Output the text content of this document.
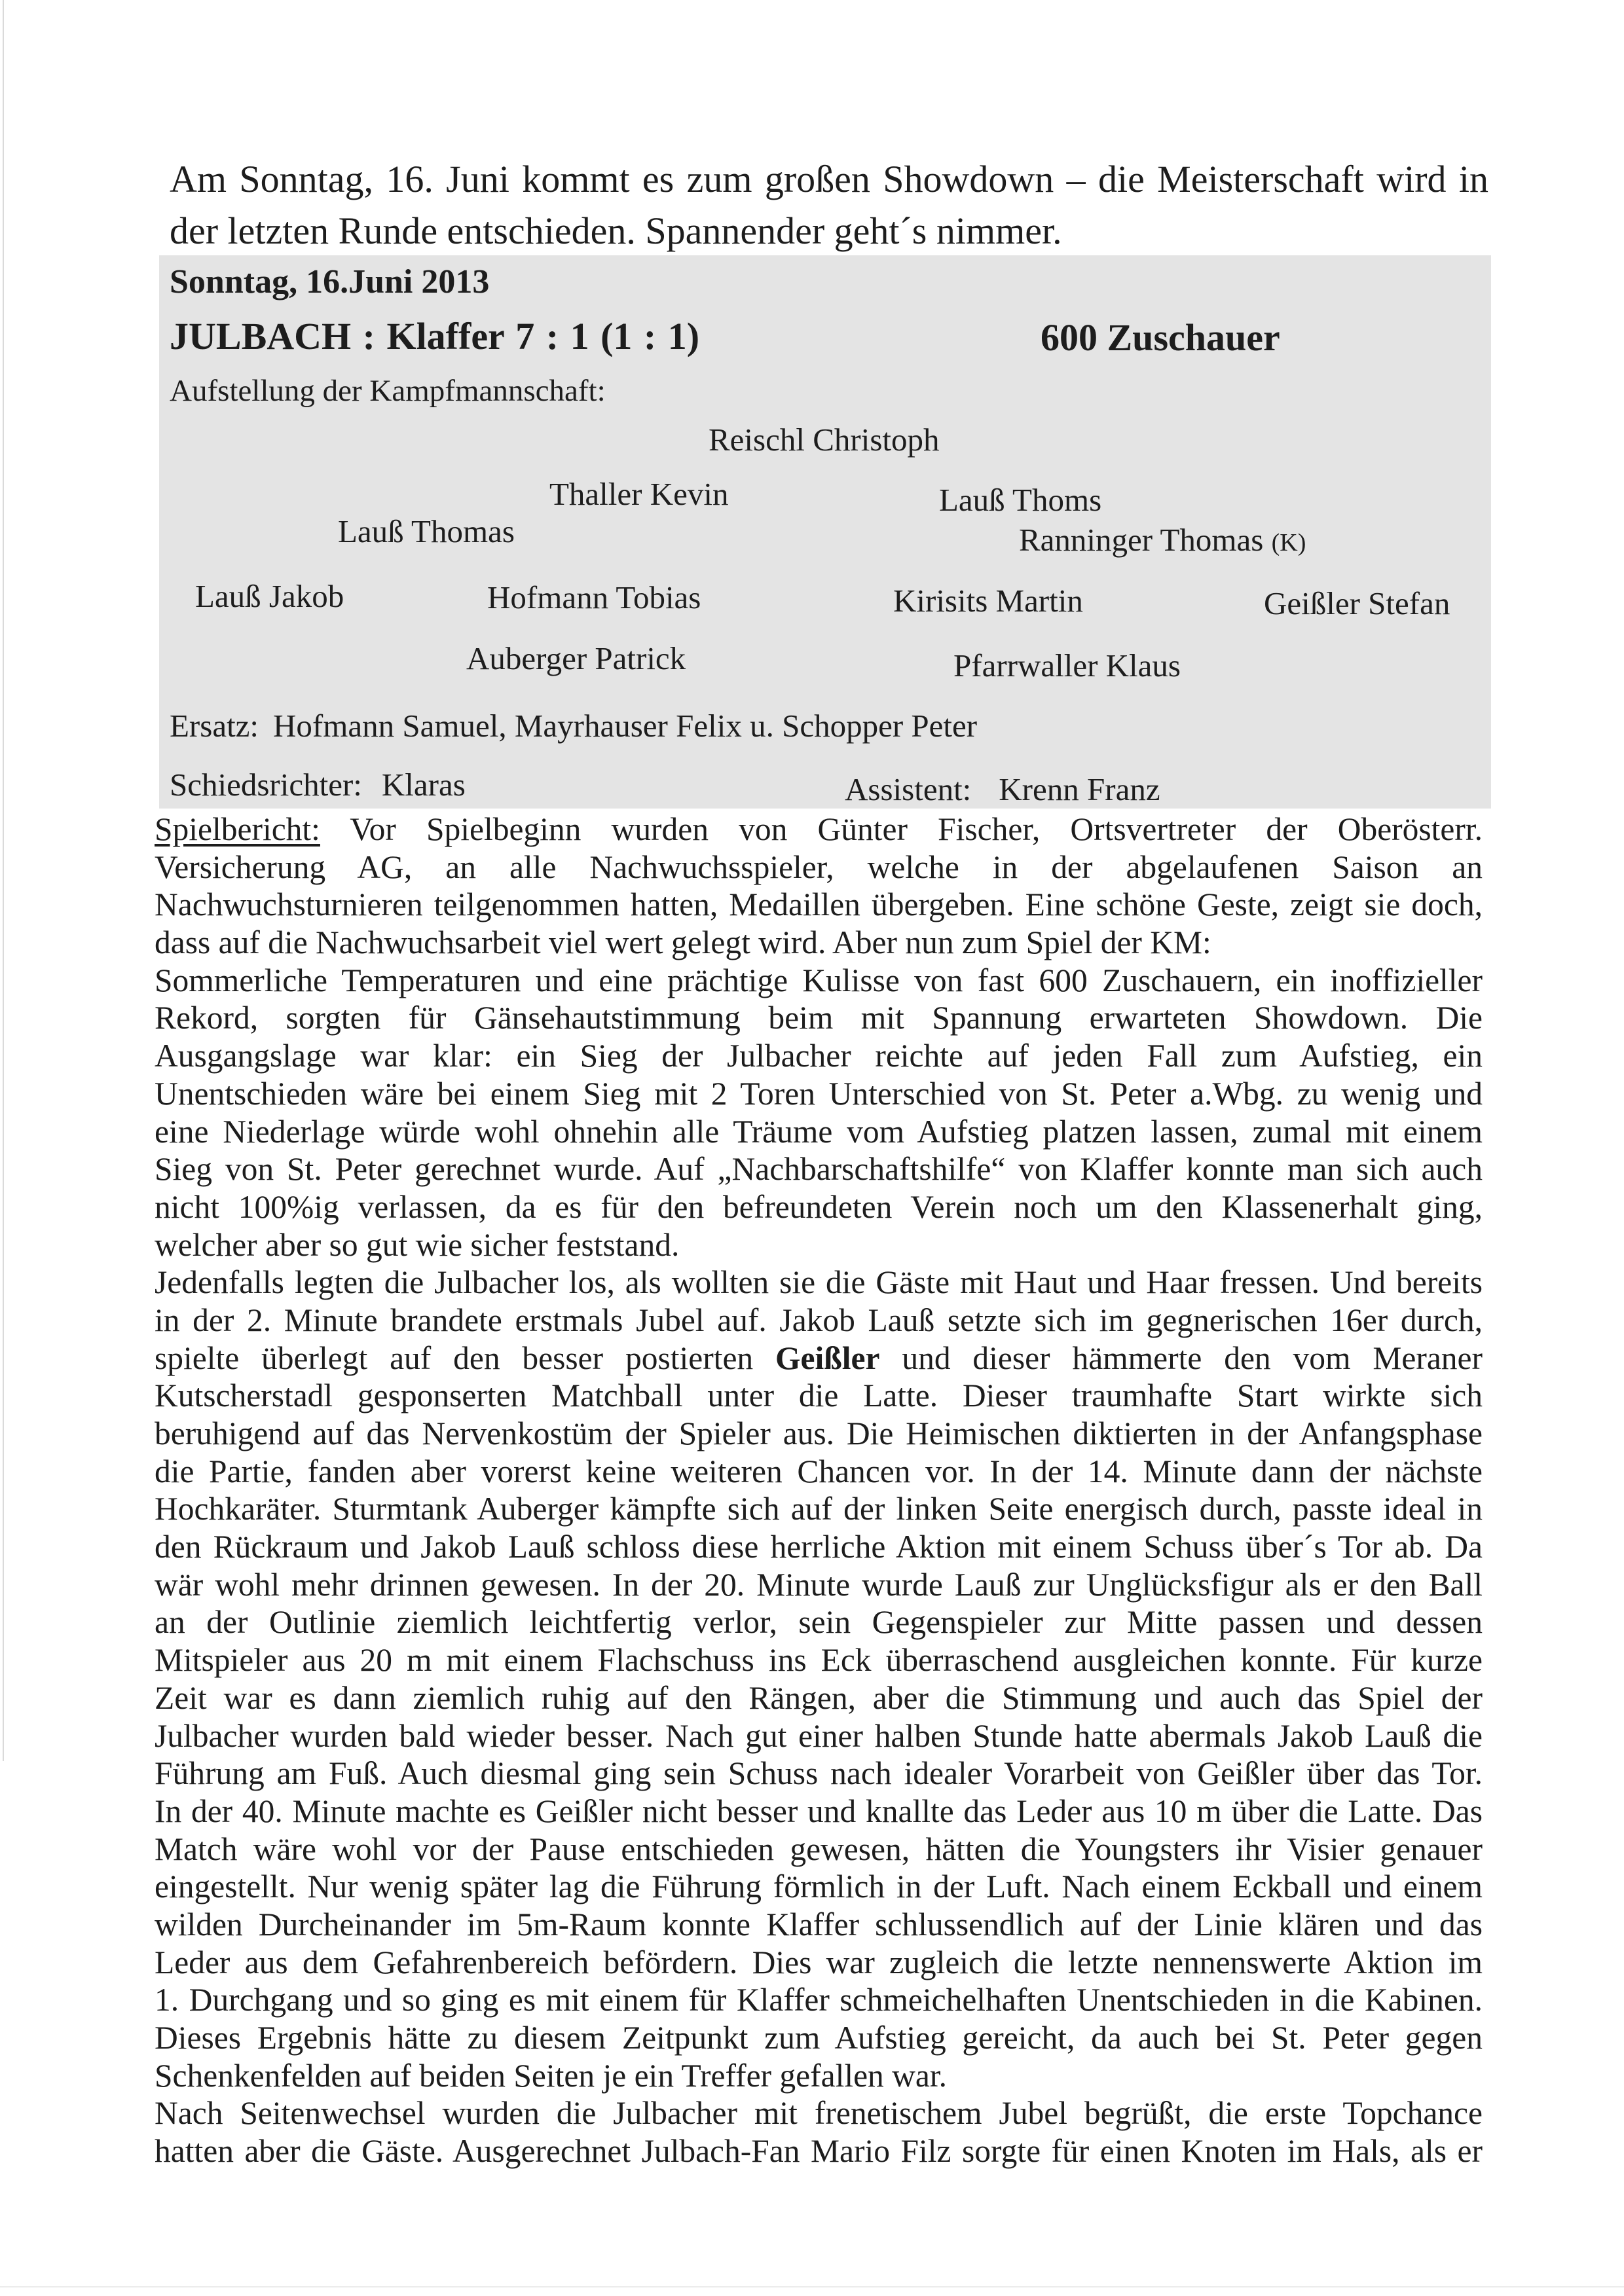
Am Sonntag, 16. Juni kommt es zum großen Showdown – die Meisterschaft wird in
der letzten Runde entschieden. Spannender geht´s nimmer.
Sonntag, 16.Juni 2013
JULBACH : Klaffer 7 : 1 (1 : 1)	600 Zuschauer
Aufstellung der Kampfmannschaft:
Reischl Christoph
Thaller Kevin	Lauß Thoms
Lauß Thomas	Ranninger Thomas (K)
Lauß Jakob	Hofmann Tobias	Kirisits Martin	Geißler Stefan
Auberger Patrick	Pfarrwaller Klaus
Ersatz: Hofmann Samuel, Mayrhauser Felix u. Schopper Peter
Schiedsrichter: Klaras	Assistent: Krenn Franz
Spielbericht: Vor Spielbeginn wurden von Günter Fischer, Ortsvertreter der Oberösterr.
Versicherung AG, an alle Nachwuchsspieler, welche in der abgelaufenen Saison an
Nachwuchsturnieren teilgenommen hatten, Medaillen übergeben. Eine schöne Geste, zeigt sie doch,
dass auf die Nachwuchsarbeit viel wert gelegt wird. Aber nun zum Spiel der KM:
Sommerliche Temperaturen und eine prächtige Kulisse von fast 600 Zuschauern, ein inoffizieller
Rekord, sorgten für Gänsehautstimmung beim mit Spannung erwarteten Showdown. Die
Ausgangslage war klar: ein Sieg der Julbacher reichte auf jeden Fall zum Aufstieg, ein
Unentschieden wäre bei einem Sieg mit 2 Toren Unterschied von St. Peter a.Wbg. zu wenig und
eine Niederlage würde wohl ohnehin alle Träume vom Aufstieg platzen lassen, zumal mit einem
Sieg von St. Peter gerechnet wurde. Auf „Nachbarschaftshilfe“ von Klaffer konnte man sich auch
nicht 100%ig verlassen, da es für den befreundeten Verein noch um den Klassenerhalt ging,
welcher aber so gut wie sicher feststand.
Jedenfalls legten die Julbacher los, als wollten sie die Gäste mit Haut und Haar fressen. Und bereits
in der 2. Minute brandete erstmals Jubel auf. Jakob Lauß setzte sich im gegnerischen 16er durch,
spielte überlegt auf den besser postierten Geißler und dieser hämmerte den vom Meraner
Kutscherstadl gesponserten Matchball unter die Latte. Dieser traumhafte Start wirkte sich
beruhigend auf das Nervenkostüm der Spieler aus. Die Heimischen diktierten in der Anfangsphase
die Partie, fanden aber vorerst keine weiteren Chancen vor. In der 14. Minute dann der nächste
Hochkaräter. Sturmtank Auberger kämpfte sich auf der linken Seite energisch durch, passte ideal in
den Rückraum und Jakob Lauß schloss diese herrliche Aktion mit einem Schuss über´s Tor ab. Da
wär wohl mehr drinnen gewesen. In der 20. Minute wurde Lauß zur Unglücksfigur als er den Ball
an der Outlinie ziemlich leichtfertig verlor, sein Gegenspieler zur Mitte passen und dessen
Mitspieler aus 20 m mit einem Flachschuss ins Eck überraschend ausgleichen konnte. Für kurze
Zeit war es dann ziemlich ruhig auf den Rängen, aber die Stimmung und auch das Spiel der
Julbacher wurden bald wieder besser. Nach gut einer halben Stunde hatte abermals Jakob Lauß die
Führung am Fuß. Auch diesmal ging sein Schuss nach idealer Vorarbeit von Geißler über das Tor.
In der 40. Minute machte es Geißler nicht besser und knallte das Leder aus 10 m über die Latte. Das
Match wäre wohl vor der Pause entschieden gewesen, hätten die Youngsters ihr Visier genauer
eingestellt. Nur wenig später lag die Führung förmlich in der Luft. Nach einem Eckball und einem
wilden Durcheinander im 5m-Raum konnte Klaffer schlussendlich auf der Linie klären und das
Leder aus dem Gefahrenbereich befördern. Dies war zugleich die letzte nennenswerte Aktion im
1. Durchgang und so ging es mit einem für Klaffer schmeichelhaften Unentschieden in die Kabinen.
Dieses Ergebnis hätte zu diesem Zeitpunkt zum Aufstieg gereicht, da auch bei St. Peter gegen
Schenkenfelden auf beiden Seiten je ein Treffer gefallen war.
Nach Seitenwechsel wurden die Julbacher mit frenetischem Jubel begrüßt, die erste Topchance
hatten aber die Gäste. Ausgerechnet Julbach-Fan Mario Filz sorgte für einen Knoten im Hals, als er
